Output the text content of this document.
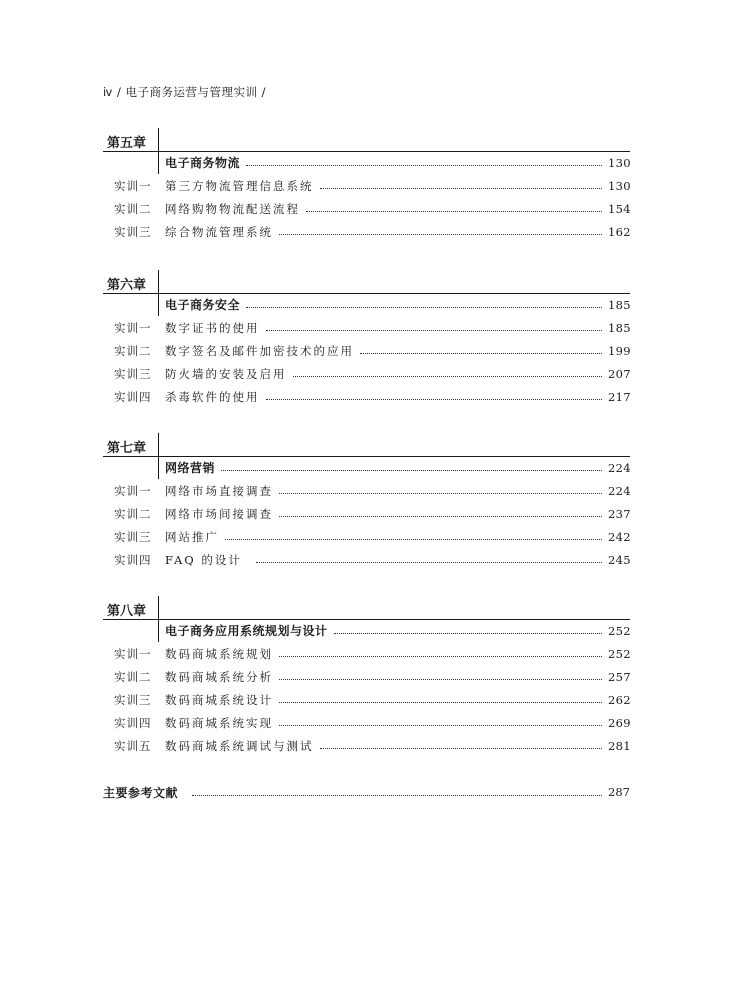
ⅳ / 电子商务运营与管理实训 /
第五章
电子商务物流	130
实训一	第三方物流管理信息系统	130
实训二	网络购物物流配送流程	154
实训三	综合物流管理系统	162
第六章
电子商务安全	185
实训一	数字证书的使用	185
实训二	数字签名及邮件加密技术的应用	199
实训三	防火墙的安装及启用	207
实训四	杀毒软件的使用	217
第七章
网络营销	224
实训一	网络市场直接调查	224
实训二	网络市场间接调查	237
实训三	网站推广	242
实训四	FAQ 的设计	245
第八章
电子商务应用系统规划与设计	252
实训一	数码商城系统规划	252
实训二	数码商城系统分析	257
实训三	数码商城系统设计	262
实训四	数码商城系统实现	269
实训五	数码商城系统调试与测试	281
主要参考文献	287
